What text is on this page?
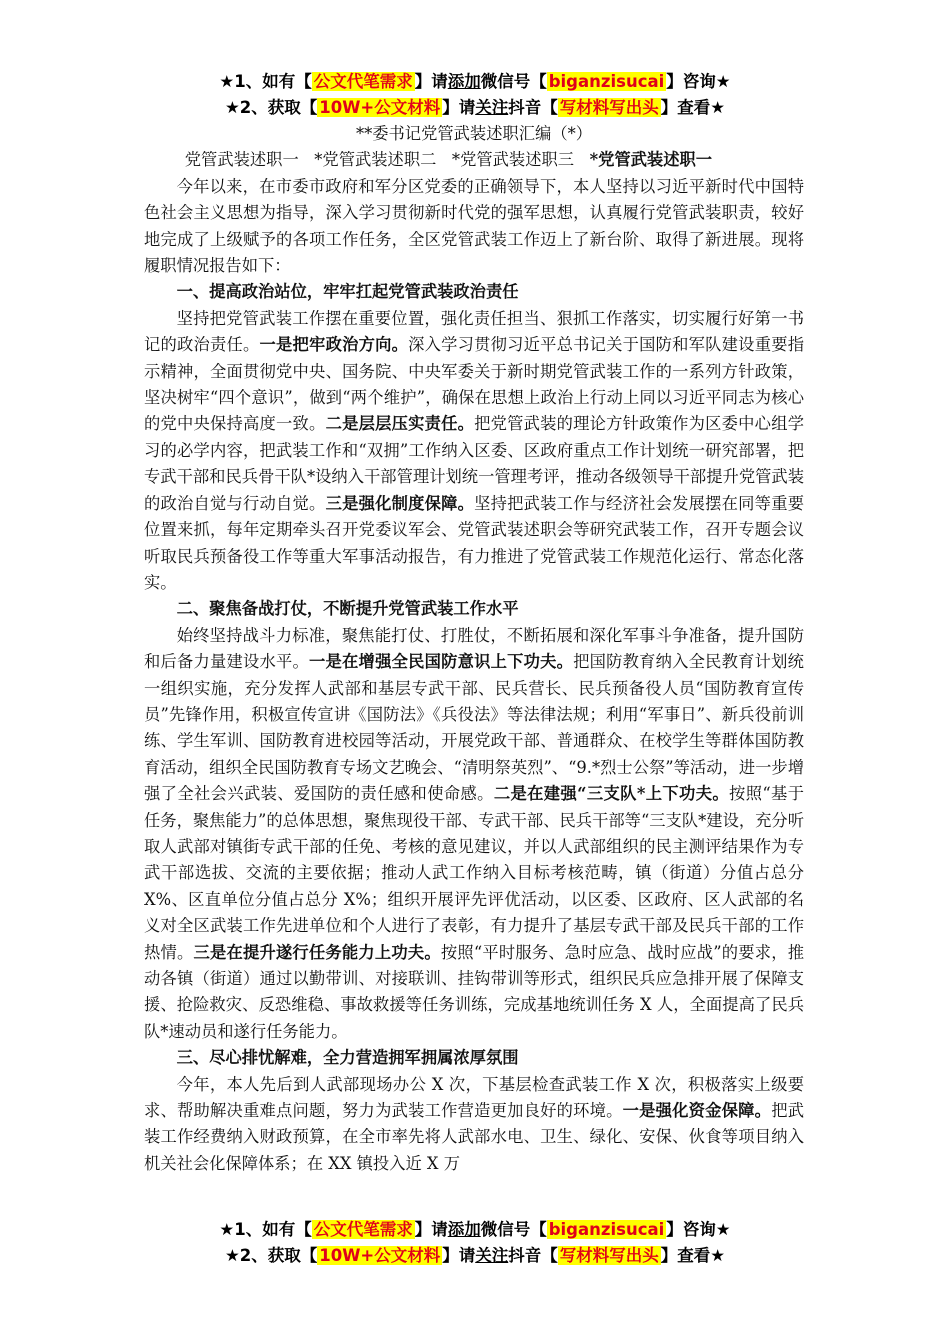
★1、如有【 公文代笔需求 】请添加微信号【 biganzisucai 】咨询★
★2、获取【 10W+公文材料 】请关注抖音【 写材料写出头 】查看★

**委书记党管武装述职汇编（*）

党管武装述职一 *党管武装述职二 *党管武装述职三 *党管武装述职一

今年以来，在市委市政府和军分区党委的正确领导下，本人坚持以习近平新时代中国特色社会主义思想为指导，深入学习贯彻新时代党的强军思想，认真履行党管武装职责，较好地完成了上级赋予的各项工作任务，全区党管武装工作迈上了新台阶、取得了新进展。现将履职情况报告如下：

一、提高政治站位，牢牢扛起党管武装政治责任

坚持把党管武装工作摆在重要位置，强化责任担当、狠抓工作落实，切实履行好第一书记的政治责任。一是把牢政治方向。深入学习贯彻习近平总书记关于国防和军队建设重要指示精神，全面贯彻党中央、国务院、中央军委关于新时期党管武装工作的一系列方针政策，坚决树牢“四个意识”，做到“两个维护”，确保在思想上政治上行动上同以习近平同志为核心的党中央保持高度一致。二是层层压实责任。把党管武装的理论方针政策作为区委中心组学习的必学内容，把武装工作和“双拥”工作纳入区委、区政府重点工作计划统一研究部署，把专武干部和民兵骨干队*设纳入干部管理计划统一管理考评，推动各级领导干部提升党管武装的政治自觉与行动自觉。三是强化制度保障。坚持把武装工作与经济社会发展摆在同等重要位置来抓，每年定期牵头召开党委议军会、党管武装述职会等研究武装工作，召开专题会议听取民兵预备役工作等重大军事活动报告，有力推进了党管武装工作规范化运行、常态化落实。

二、聚焦备战打仗，不断提升党管武装工作水平

始终坚持战斗力标准，聚焦能打仗、打胜仗，不断拓展和深化军事斗争准备，提升国防和后备力量建设水平。一是在增强全民国防意识上下功夫。把国防教育纳入全民教育计划统一组织实施，充分发挥人武部和基层专武干部、民兵营长、民兵预备役人员“国防教育宣传员”先锋作用，积极宣传宣讲《国防法》《兵役法》等法律法规；利用“军事日”、新兵役前训练、学生军训、国防教育进校园等活动，开展党政干部、普通群众、在校学生等群体国防教育活动，组织全民国防教育专场文艺晚会、“清明祭英烈”、“9.*烈士公祭”等活动，进一步增强了全社会兴武装、爱国防的责任感和使命感。二是在建强“三支队*上下功夫。按照“基于任务，聚焦能力”的总体思想，聚焦现役干部、专武干部、民兵干部等“三支队*建设，充分听取人武部对镇街专武干部的任免、考核的意见建议，并以人武部组织的民主测评结果作为专武干部选拔、交流的主要依据；推动人武工作纳入目标考核范畴，镇（街道）分值占总分 X%、区直单位分值占总分 X%；组织开展评先评优活动，以区委、区政府、区人武部的名义对全区武装工作先进单位和个人进行了表彰，有力提升了基层专武干部及民兵干部的工作热情。三是在提升遂行任务能力上功夫。按照“平时服务、急时应急、战时应战”的要求，推动各镇（街道）通过以勤带训、对接联训、挂钩带训等形式，组织民兵应急排开展了保障支援、抢险救灾、反恐维稳、事故救援等任务训练，完成基地统训任务 X 人，全面提高了民兵队*速动员和遂行任务能力。

三、尽心排忧解难，全力营造拥军拥属浓厚氛围

今年，本人先后到人武部现场办公 X 次，下基层检查武装工作 X 次，积极落实上级要求、帮助解决重难点问题，努力为武装工作营造更加良好的环境。一是强化资金保障。把武装工作经费纳入财政预算，在全市率先将人武部水电、卫生、绿化、安保、伙食等项目纳入机关社会化保障体系；在 XX 镇投入近 X 万

★1、如有【 公文代笔需求 】请添加微信号【 biganzisucai 】咨询★
★2、获取【 10W+公文材料 】请关注抖音【 写材料写出头 】查看★
